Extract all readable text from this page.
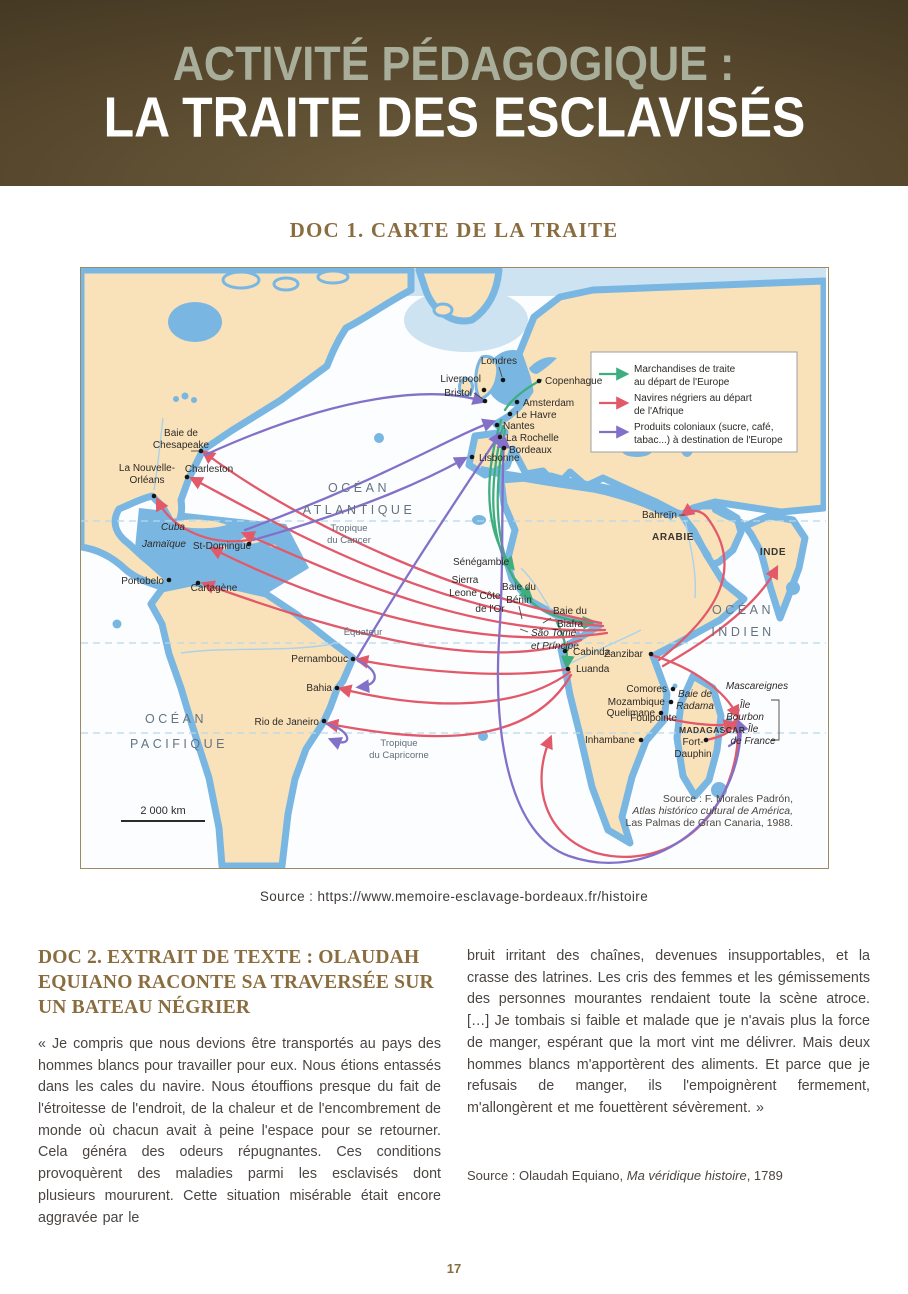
ACTIVITÉ PÉDAGOGIQUE :
LA TRAITE DES ESCLAVISÉS
DOC 1. CARTE DE LA TRAITE
Marchandises de traite
au départ de l'Europe
Navires négriers au départ
de l'Afrique
Produits coloniaux (sucre, café,
tabac...) à destination de l'Europe
Londres
Liverpool
Bristol
Copenhague
Amsterdam
Le Havre
Nantes
La Rochelle
Bordeaux
Lisbonne
Baie de
Chesapeake
La Nouvelle-
Orléans
Charleston
Cuba
Jamaïque St-Domingue
Portobelo
Cartagène
Pernambouc
Bahia
Rio de Janeiro
Sénégambie
Sierra
Leone Côte
de l'Or
Baie du
Bénin
Baie du
Biafra
São Tomé
et Príncipe
Cabinda
Luanda
Zanzibar
Comores
Mozambique
Quelimane
Inhambane
Baie de
Radama
Foulpointe
MADAGASCAR
Fort-
Dauphin
Mascareignes
Île
Bourbon
Île
de France
Bahreïn
ARABIE
INDE
OCÉAN
ATLANTIQUE
Tropique
du Cancer
Équateur
OCÉAN
PACIFIQUE	Tropique
du Capricorne
OCÉAN
INDIEN
2 000 km
Source : F. Morales Padrón,
Atlas histórico cultural de América,
Las Palmas de Gran Canaria, 1988.

Source : https://www.memoire-esclavage-bordeaux.fr/histoire

DOC 2. EXTRAIT DE TEXTE : OLAUDAH EQUIANO RACONTE SA TRAVERSÉE SUR UN BATEAU NÉGRIER

« Je compris que nous devions être transportés au pays des hommes blancs pour travailler pour eux. Nous étions entassés dans les cales du navire. Nous étouffions presque du fait de l'étroitesse de l'endroit, de la chaleur et de l'encombrement de monde où chacun avait à peine l'espace pour se retourner. Cela généra des odeurs répugnantes. Ces conditions provoquèrent des maladies parmi les esclavisés dont plusieurs moururent. Cette situation misérable était encore aggravée par le

bruit irritant des chaînes, devenues insupportables, et la crasse des latrines. Les cris des femmes et les gémissements des personnes mourantes rendaient toute la scène atroce. […] Je tombais si faible et malade que je n'avais plus la force de manger, espérant que la mort vint me délivrer. Mais deux hommes blancs m'apportèrent des aliments. Et parce que je refusais de manger, ils l'empoignèrent fermement, m'allongèrent et me fouettèrent sévèrement. »

Source : Olaudah Equiano, Ma véridique histoire, 1789

17
